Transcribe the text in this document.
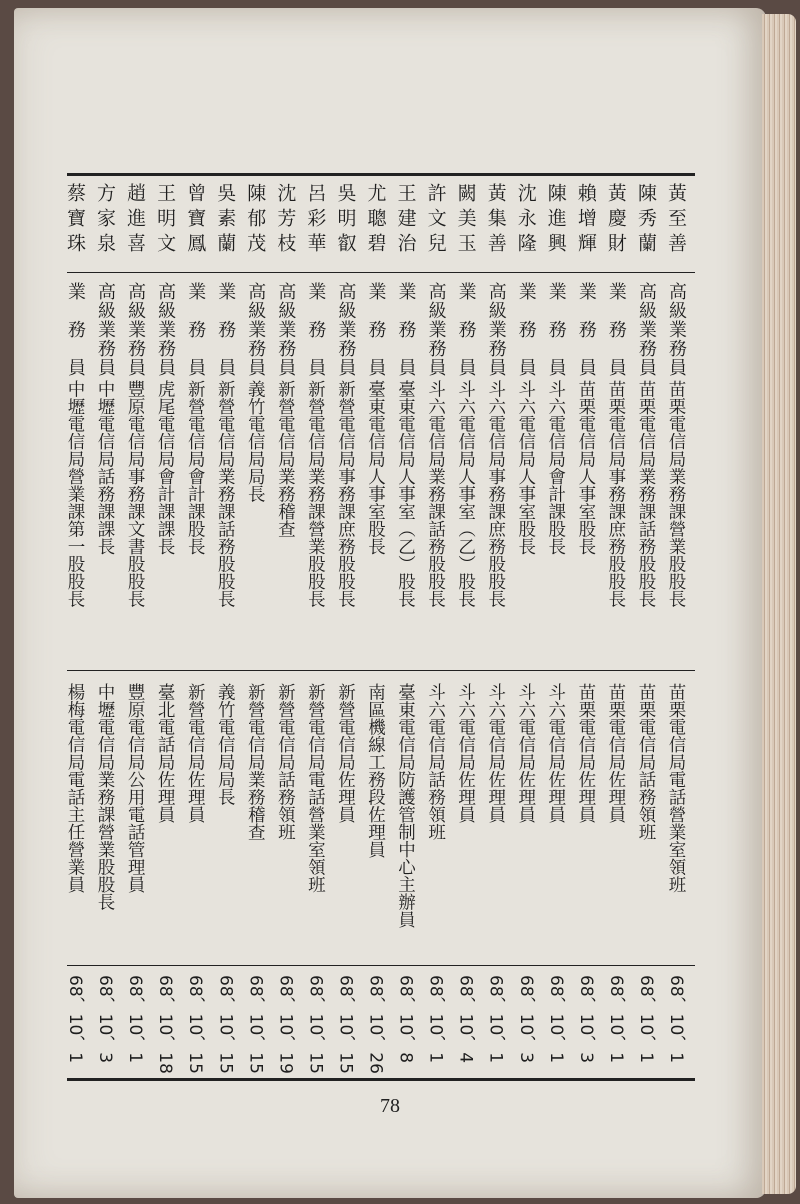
黃至善
高級業務員
苗栗電信局業務課營業股股長
苗栗電信局電話營業室領班
68、10、1
陳秀蘭
高級業務員
苗栗電信局業務課話務股股長
苗栗電信局話務領班
68、10、1
黃慶財
業　務　員
苗栗電信局事務課庶務股股長
苗栗電信局佐理員
68、10、1
賴增輝
業　務　員
苗栗電信局人事室股長
苗栗電信局佐理員
68、10、3
陳進興
業　務　員
斗六電信局會計課股長
斗六電信局佐理員
68、10、1
沈永隆
業　務　員
斗六電信局人事室股長
斗六電信局佐理員
68、10、3
黃集善
高級業務員
斗六電信局事務課庶務股股長
斗六電信局佐理員
68、10、1
闕美玉
業　務　員
斗六電信局人事室（乙）股長
斗六電信局佐理員
68、10、4
許文兒
高級業務員
斗六電信局業務課話務股股長
斗六電信局話務領班
68、10、1
王建治
業　務　員
臺東電信局人事室（乙）股長
臺東電信局防護管制中心主辦員
68、10、8
尤聰碧
業　務　員
臺東電信局人事室股長
南區機線工務段佐理員
68、10、26
吳明叡
高級業務員
新營電信局事務課庶務股股長
新營電信局佐理員
68、10、15
呂彩華
業　務　員
新營電信局業務課營業股股長
新營電信局電話營業室領班
68、10、15
沈芳枝
高級業務員
新營電信局業務稽查
新營電信局話務領班
68、10、19
陳郁茂
高級業務員
義竹電信局局長
新營電信局業務稽查
68、10、15
吳素蘭
業　務　員
新營電信局業務課話務股股長
義竹電信局局長
68、10、15
曾寶鳳
業　務　員
新營電信局會計課股長
新營電信局佐理員
68、10、15
王明文
高級業務員
虎尾電信局會計課課長
臺北電話局佐理員
68、10、18
趙進喜
高級業務員
豐原電信局事務課文書股股長
豐原電信局公用電話管理員
68、10、1
方家泉
高級業務員
中壢電信局話務課課長
中壢電信局業務課營業股股長
68、10、3
蔡寶珠
業　務　員
中壢電信局營業課第一股股長
楊梅電信局電話主任營業員
68、10、1
78
